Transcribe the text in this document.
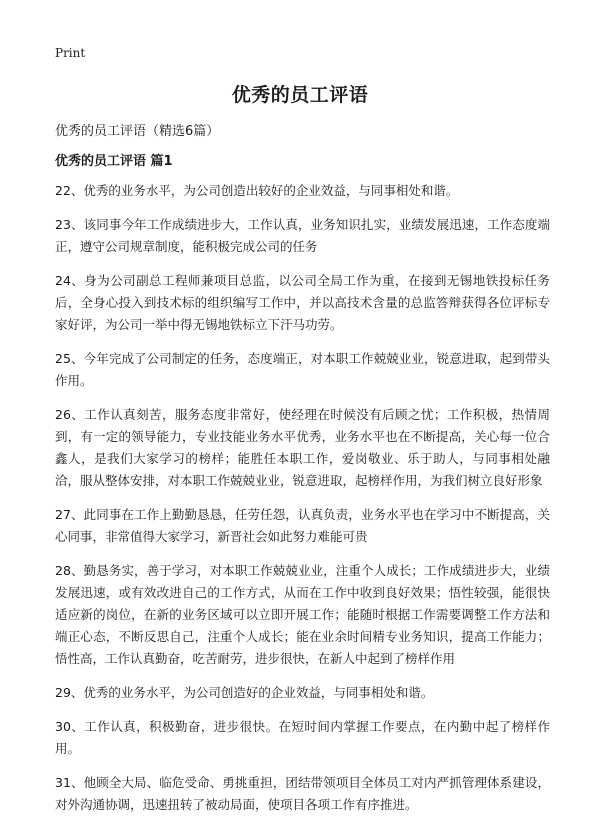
Print
优秀的员工评语

优秀的员工评语（精选6篇）

优秀的员工评语 篇1
22、优秀的业务水平，为公司创造出较好的企业效益，与同事相处和谐。
23、该同事今年工作成绩进步大，工作认真，业务知识扎实，业绩发展迅速，工作态度端正，遵守公司规章制度，能积极完成公司的任务
24、身为公司副总工程师兼项目总监，以公司全局工作为重，在接到无锡地铁投标任务后，全身心投入到技术标的组织编写工作中，并以高技术含量的总监答辩获得各位评标专家好评，为公司一举中得无锡地铁标立下汗马功劳。
25、今年完成了公司制定的任务，态度端正，对本职工作兢兢业业，锐意进取，起到带头作用。
26、工作认真刻苦，服务态度非常好，使经理在时候没有后顾之忧；工作积极，热情周到，有一定的领导能力，专业技能业务水平优秀，业务水平也在不断提高，关心每一位合鑫人，是我们大家学习的榜样；能胜任本职工作，爱岗敬业、乐于助人，与同事相处融洽，服从整体安排，对本职工作兢兢业业，锐意进取，起榜样作用，为我们树立良好形象
27、此同事在工作上勤勤恳恳，任劳任怨，认真负责，业务水平也在学习中不断提高，关心同事，非常值得大家学习，新晋社会如此努力难能可贵
28、勤恳务实，善于学习，对本职工作兢兢业业，注重个人成长；工作成绩进步大，业绩发展迅速，或有效改进自己的工作方式，从而在工作中收到良好效果；悟性较强，能很快适应新的岗位，在新的业务区域可以立即开展工作；能随时根据工作需要调整工作方法和端正心态，不断反思自己，注重个人成长；能在业余时间精专业务知识，提高工作能力；悟性高，工作认真勤奋，吃苦耐劳，进步很快，在新人中起到了榜样作用
29、优秀的业务水平，为公司创造好的企业效益，与同事相处和谐。
30、工作认真，积极勤奋，进步很快。在短时间内掌握工作要点，在内勤中起了榜样作用。
31、他顾全大局、临危受命、勇挑重担，团结带领项目全体员工对内严抓管理体系建设，对外沟通协调，迅速扭转了被动局面，使项目各项工作有序推进。
